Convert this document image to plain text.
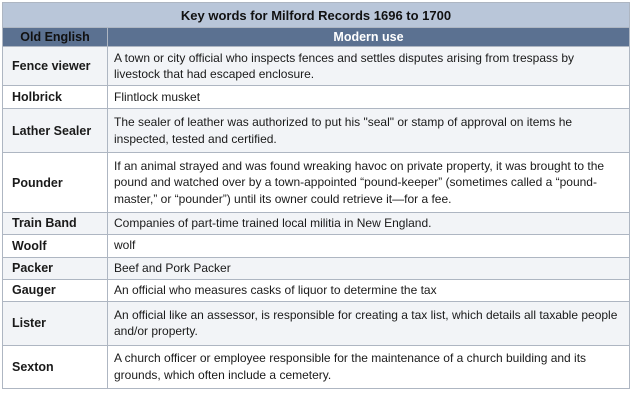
Key words for Milford Records 1696 to 1700	
Old English	Modern use
Fence viewer	A town or city official who inspects fences and settles disputes arising from trespass by livestock that had escaped enclosure.
Holbrick	Flintlock musket
Lather Sealer	The sealer of leather was authorized to put his "seal" or stamp of approval on items he inspected, tested and certified.
Pounder	If an animal strayed and was found wreaking havoc on private property, it was brought to the pound and watched over by a town-appointed “pound-keeper” (sometimes called a “pound-master,” or “pounder”) until its owner could retrieve it—for a fee.
Train Band	Companies of part-time trained local militia in New England.
Woolf	wolf
Packer	Beef and Pork Packer
Gauger	An official who measures casks of liquor to determine the tax
Lister	An official like an assessor, is responsible for creating a tax list, which details all taxable people and/or property.
Sexton	A church officer or employee responsible for the maintenance of a church building and its grounds, which often include a cemetery.
